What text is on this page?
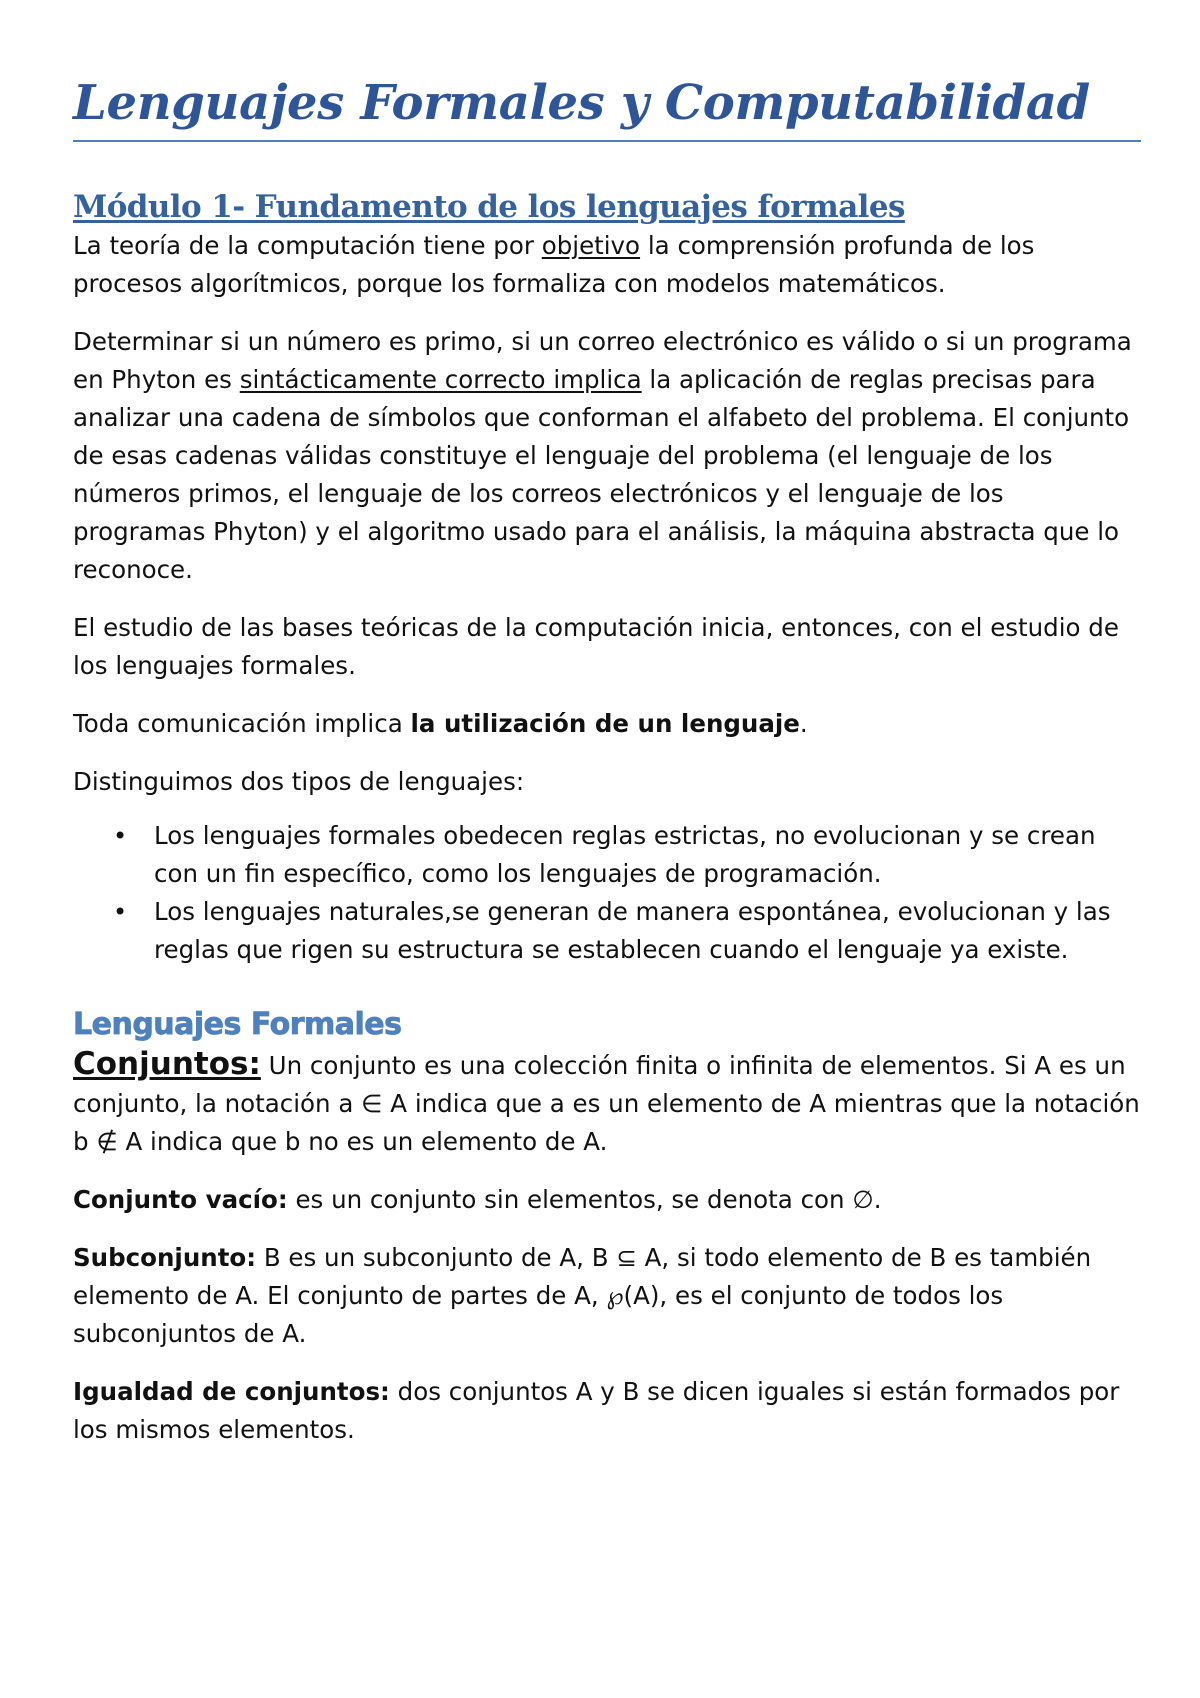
Lenguajes Formales y Computabilidad
Módulo 1- Fundamento de los lenguajes formales

La teoría de la computación tiene por objetivo la comprensión profunda de los procesos algorítmicos, porque los formaliza con modelos matemáticos.

Determinar si un número es primo, si un correo electrónico es válido o si un programa en Phyton es sintácticamente correcto implica la aplicación de reglas precisas para analizar una cadena de símbolos que conforman el alfabeto del problema. El conjunto de esas cadenas válidas constituye el lenguaje del problema (el lenguaje de los números primos, el lenguaje de los correos electrónicos y el lenguaje de los programas Phyton) y el algoritmo usado para el análisis, la máquina abstracta que lo reconoce.

El estudio de las bases teóricas de la computación inicia, entonces, con el estudio de los lenguajes formales.

Toda comunicación implica la utilización de un lenguaje.

Distinguimos dos tipos de lenguajes:

• Los lenguajes formales obedecen reglas estrictas, no evolucionan y se crean con un fin específico, como los lenguajes de programación.
• Los lenguajes naturales,se generan de manera espontánea, evolucionan y las reglas que rigen su estructura se establecen cuando el lenguaje ya existe.
Lenguajes Formales

Conjuntos: Un conjunto es una colección finita o infinita de elementos. Si A es un conjunto, la notación a ∈ A indica que a es un elemento de A mientras que la notación b ∉ A indica que b no es un elemento de A.

Conjunto vacío: es un conjunto sin elementos, se denota con ∅.

Subconjunto: B es un subconjunto de A, B ⊆ A, si todo elemento de B es también elemento de A. El conjunto de partes de A, ℘(A), es el conjunto de todos los subconjuntos de A.

Igualdad de conjuntos: dos conjuntos A y B se dicen iguales si están formados por los mismos elementos.
